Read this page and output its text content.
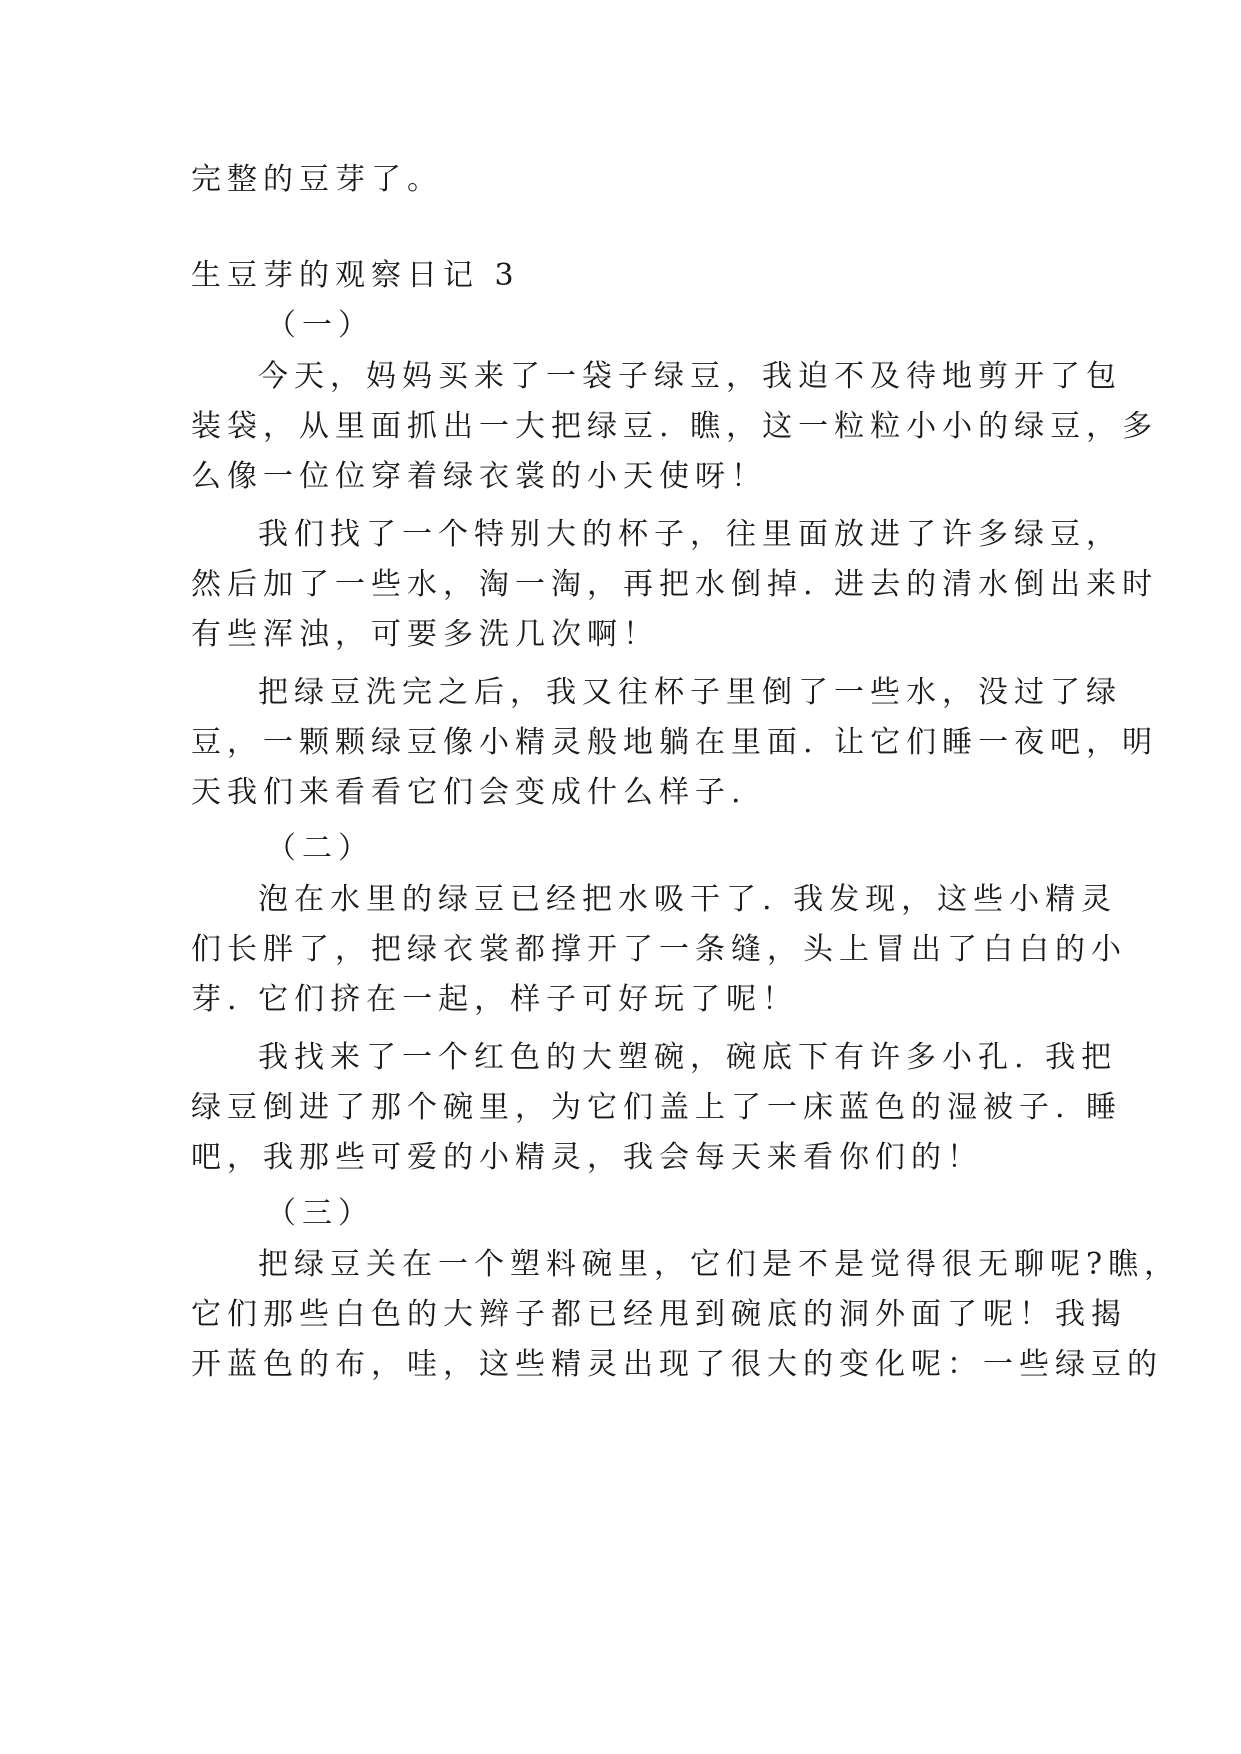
完整的豆芽了。
生豆芽的观察日记 3
（一）
今天，妈妈买来了一袋子绿豆，我迫不及待地剪开了包
装袋，从里面抓出一大把绿豆. 瞧，这一粒粒小小的绿豆，多
么像一位位穿着绿衣裳的小天使呀！
我们找了一个特别大的杯子，往里面放进了许多绿豆，
然后加了一些水，淘一淘，再把水倒掉. 进去的清水倒出来时
有些浑浊，可要多洗几次啊！
把绿豆洗完之后，我又往杯子里倒了一些水，没过了绿
豆，一颗颗绿豆像小精灵般地躺在里面. 让它们睡一夜吧，明
天我们来看看它们会变成什么样子.
（二）
泡在水里的绿豆已经把水吸干了. 我发现，这些小精灵
们长胖了，把绿衣裳都撑开了一条缝，头上冒出了白白的小
芽. 它们挤在一起，样子可好玩了呢！
我找来了一个红色的大塑碗，碗底下有许多小孔. 我把
绿豆倒进了那个碗里，为它们盖上了一床蓝色的湿被子. 睡
吧，我那些可爱的小精灵，我会每天来看你们的！
（三）
把绿豆关在一个塑料碗里，它们是不是觉得很无聊呢?瞧，
它们那些白色的大辫子都已经甩到碗底的洞外面了呢！我揭
开蓝色的布，哇，这些精灵出现了很大的变化呢：一些绿豆的
